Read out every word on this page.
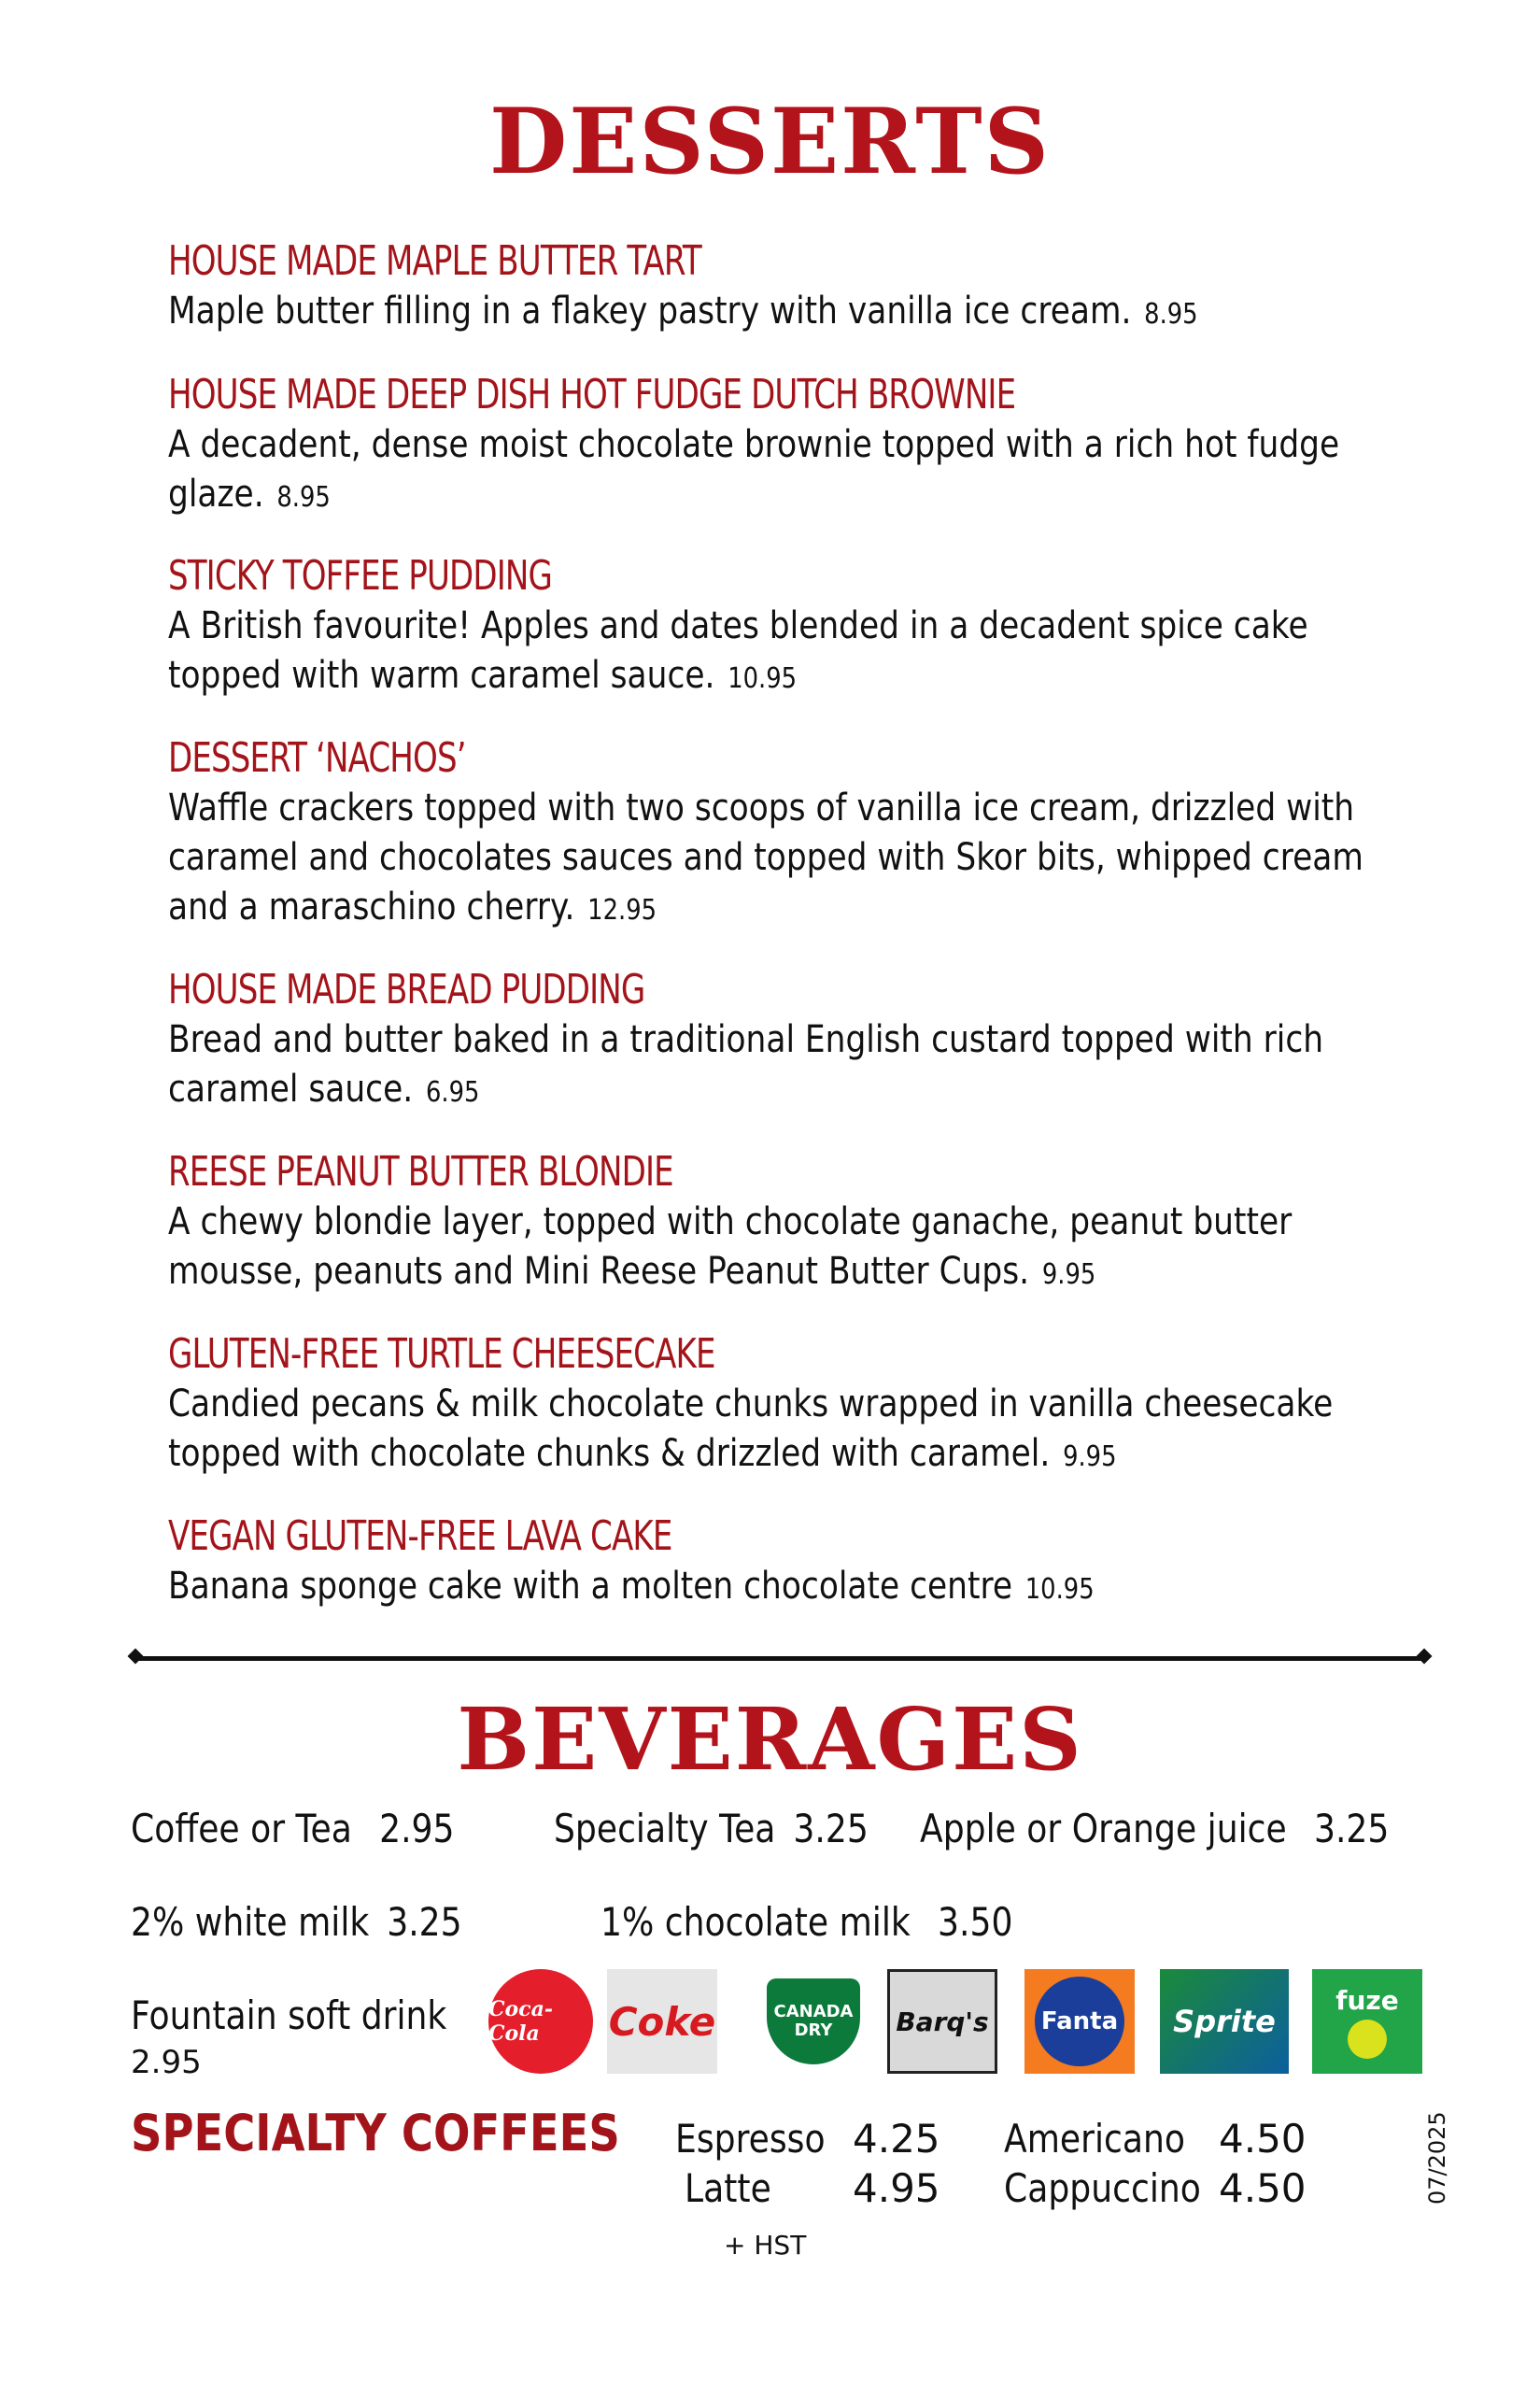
DESSERTS
HOUSE MADE MAPLE BUTTER TART
Maple butter filling in a flakey pastry with vanilla ice cream. 8.95
HOUSE MADE DEEP DISH HOT FUDGE DUTCH BROWNIE
A decadent, dense moist chocolate brownie topped with a rich hot fudge glaze. 8.95
STICKY TOFFEE PUDDING
A British favourite! Apples and dates blended in a decadent spice cake topped with warm caramel sauce. 10.95
DESSERT ‘NACHOS’
Waffle crackers topped with two scoops of vanilla ice cream, drizzled with caramel and chocolates sauces and topped with Skor bits, whipped cream and a maraschino cherry. 12.95
HOUSE MADE BREAD PUDDING
Bread and butter baked in a traditional English custard topped with rich caramel sauce. 6.95
REESE PEANUT BUTTER BLONDIE
A chewy blondie layer, topped with chocolate ganache, peanut butter mousse, peanuts and Mini Reese Peanut Butter Cups. 9.95
GLUTEN-FREE TURTLE CHEESECAKE
Candied pecans & milk chocolate chunks wrapped in vanilla cheesecake topped with chocolate chunks & drizzled with caramel. 9.95
VEGAN GLUTEN-FREE LAVA CAKE
Banana sponge cake with a molten chocolate centre 10.95
BEVERAGES
Coffee or Tea 2.95	Specialty Tea 3.25 Apple or Orange juice 3.25
2% white milk 3.25	1% chocolate milk 3.50
Fountain soft drink
2.95
Coca-Cola	Coke	CANADA DRY	Barq's	Fanta	Sprite
fuze
SPECIALTY COFFEES Espresso 4.25
Latte 4.95
Americano 4.50
Cappuccino 4.50
+ HST
07/2025
